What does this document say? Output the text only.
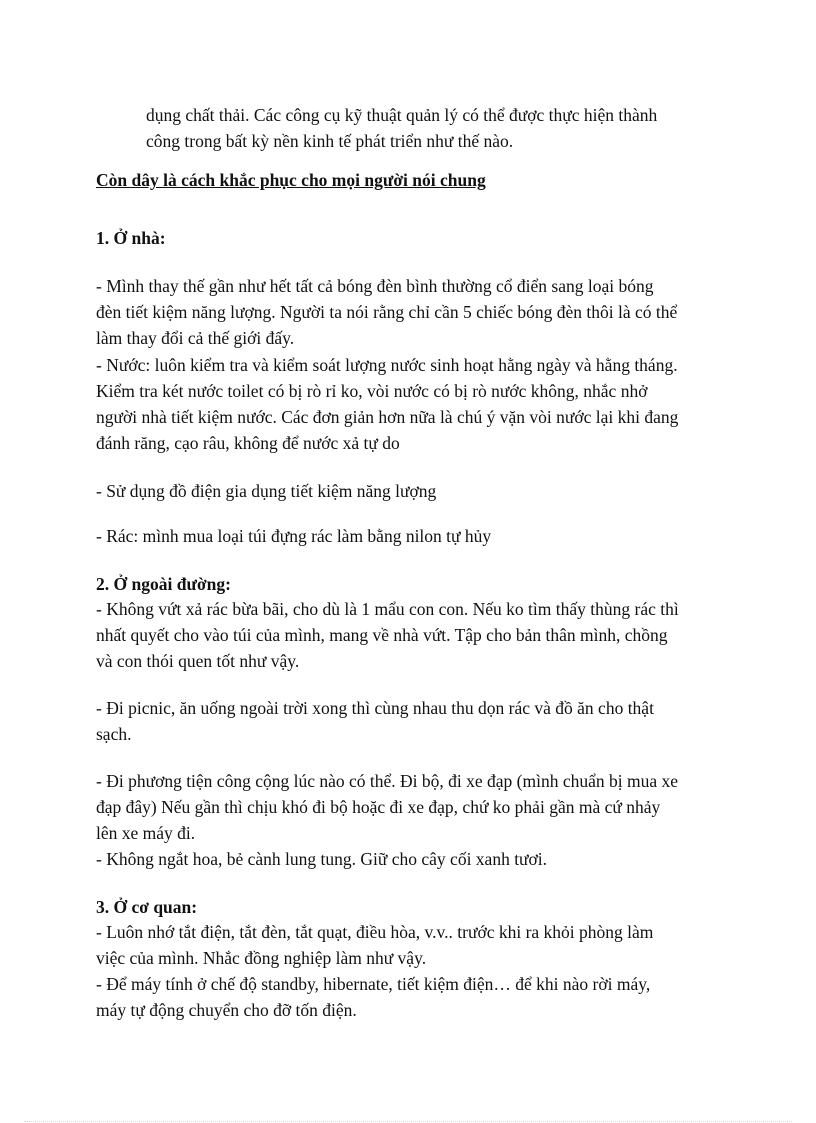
dụng chất thải. Các công cụ kỹ thuật quản lý có thể được thực hiện thành
công trong bất kỳ nền kinh tế phát triển như thế nào.
Còn dây là cách khắc phục cho mọi người nói chung
1. Ở nhà:
- Mình thay thế gần như hết tất cả bóng đèn bình thường cổ điển sang loại bóng
đèn tiết kiệm năng lượng. Người ta nói rằng chỉ cần 5 chiếc bóng đèn thôi là có thể
làm thay đổi cả thế giới đấy.
- Nước: luôn kiểm tra và kiểm soát lượng nước sinh hoạt hằng ngày và hằng tháng.
Kiểm tra két nước toilet có bị rò rỉ ko, vòi nước có bị rò nước không, nhắc nhở
người nhà tiết kiệm nước. Các đơn giản hơn nữa là chú ý vặn vòi nước lại khi đang
đánh răng, cạo râu, không để nước xả tự do
- Sử dụng đồ điện gia dụng tiết kiệm năng lượng
- Rác: mình mua loại túi đựng rác làm bằng nilon tự hủy
2. Ở ngoài đường:
- Không vứt xả rác bừa bãi, cho dù là 1 mẩu con con. Nếu ko tìm thấy thùng rác thì
nhất quyết cho vào túi của mình, mang về nhà vứt. Tập cho bản thân mình, chồng
và con thói quen tốt như vậy.
- Đi picnic, ăn uống ngoài trời xong thì cùng nhau thu dọn rác và đồ ăn cho thật
sạch.
- Đi phương tiện công cộng lúc nào có thể. Đi bộ, đi xe đạp (mình chuẩn bị mua xe
đạp đây) Nếu gần thì chịu khó đi bộ hoặc đi xe đạp, chứ ko phải gần mà cứ nhảy
lên xe máy đi.
- Không ngắt hoa, bẻ cành lung tung. Giữ cho cây cối xanh tươi.
3. Ở cơ quan:
- Luôn nhớ tắt điện, tắt đèn, tắt quạt, điều hòa, v.v.. trước khi ra khỏi phòng làm
việc của mình. Nhắc đồng nghiệp làm như vậy.
- Để máy tính ở chế độ standby, hibernate, tiết kiệm điện… để khi nào rời máy,
máy tự động chuyển cho đỡ tốn điện.
